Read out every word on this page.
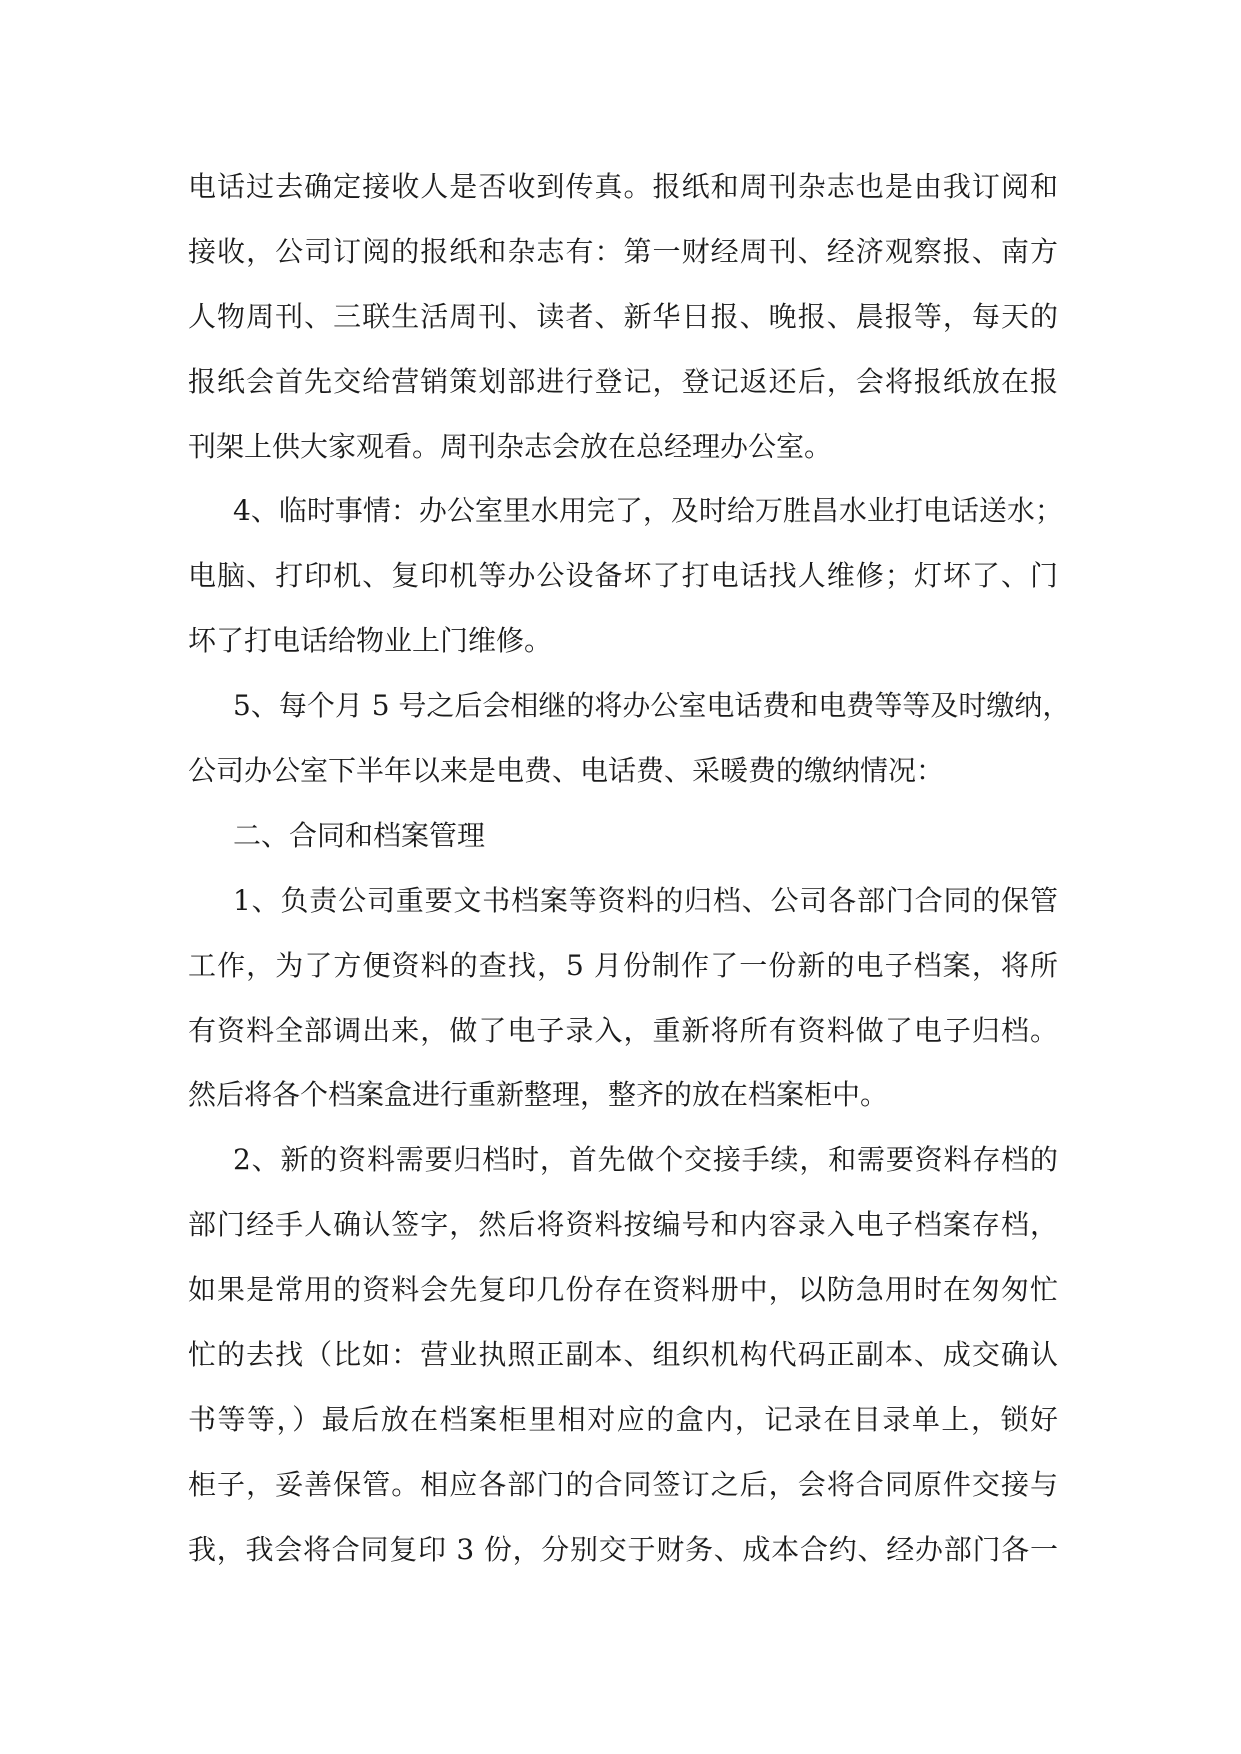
电话过去确定接收人是否收到传真。报纸和周刊杂志也是由我订阅和
接收，公司订阅的报纸和杂志有：第一财经周刊、经济观察报、南方
人物周刊、三联生活周刊、读者、新华日报、晚报、晨报等，每天的
报纸会首先交给营销策划部进行登记，登记返还后，会将报纸放在报
刊架上供大家观看。周刊杂志会放在总经理办公室。
4、临时事情：办公室里水用完了，及时给万胜昌水业打电话送水；
电脑、打印机、复印机等办公设备坏了打电话找人维修；灯坏了、门
坏了打电话给物业上门维修。
5、每个月 5 号之后会相继的将办公室电话费和电费等等及时缴纳，
公司办公室下半年以来是电费、电话费、采暖费的缴纳情况：
二、合同和档案管理
1、负责公司重要文书档案等资料的归档、公司各部门合同的保管
工作，为了方便资料的查找，5 月份制作了一份新的电子档案，将所
有资料全部调出来，做了电子录入，重新将所有资料做了电子归档。
然后将各个档案盒进行重新整理，整齐的放在档案柜中。
2、新的资料需要归档时，首先做个交接手续，和需要资料存档的
部门经手人确认签字，然后将资料按编号和内容录入电子档案存档，
如果是常用的资料会先复印几份存在资料册中，以防急用时在匆匆忙
忙的去找（比如：营业执照正副本、组织机构代码正副本、成交确认
书等等，）最后放在档案柜里相对应的盒内，记录在目录单上，锁好
柜子，妥善保管。相应各部门的合同签订之后，会将合同原件交接与
我，我会将合同复印 3 份，分别交于财务、成本合约、经办部门各一
